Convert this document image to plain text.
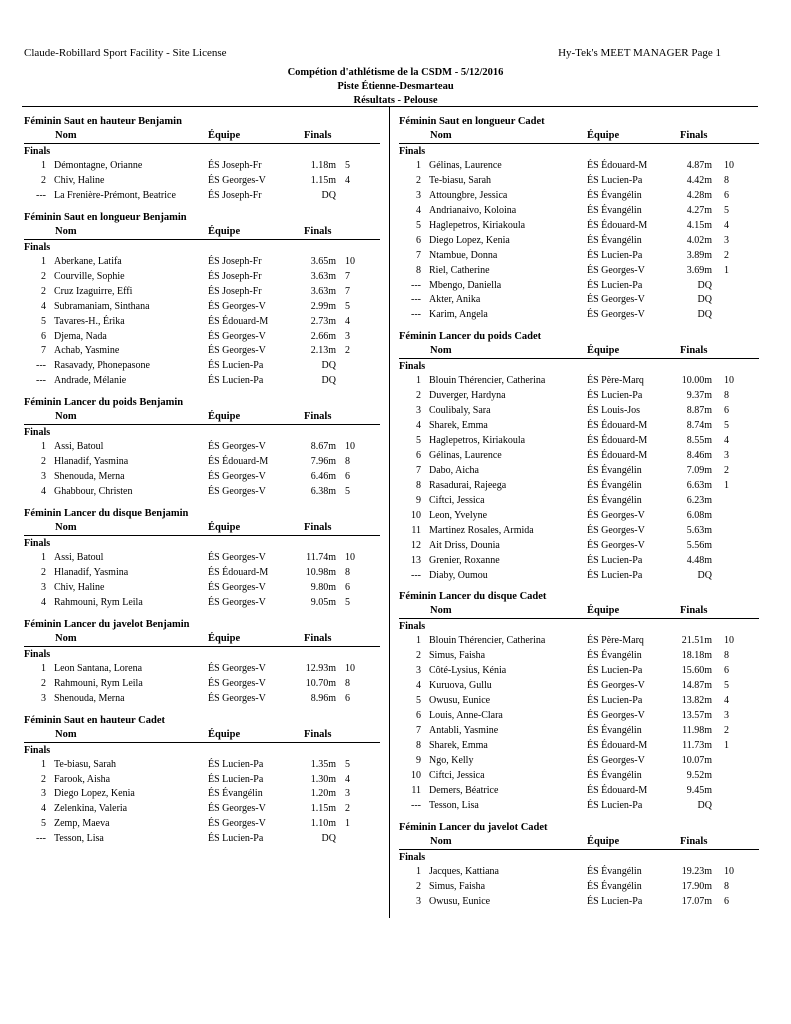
Claude-Robillard Sport Facility - Site License	Hy-Tek's MEET MANAGER Page 1
Compétion d'athlétisme de la CSDM - 5/12/2016
Piste Étienne-Desmarteau
Résultats - Pelouse
Féminin Saut en hauteur Benjamin
Nom	Équipe	Finals
Finals
1 Démontagne, Orianne	ÉS Joseph-Fr	1.18m 5
2 Chiv, Haline	ÉS Georges-V	1.15m 4
--- La Frenière-Prémont, Beatrice	ÉS Joseph-Fr	DQ
Féminin Saut en longueur Benjamin
Nom	Équipe	Finals
Finals
1 Aberkane, Latifa	ÉS Joseph-Fr	3.65m 10
2 Courville, Sophie	ÉS Joseph-Fr	3.63m 7
2 Cruz Izaguirre, Effi	ÉS Joseph-Fr	3.63m 7
4 Subramaniam, Sinthana	ÉS Georges-V	2.99m 5
5 Tavares-H., Érika	ÉS Édouard-M	2.73m 4
6 Djema, Nada	ÉS Georges-V	2.66m 3
7 Achab, Yasmine	ÉS Georges-V	2.13m 2
--- Rasavady, Phonepasone	ÉS Lucien-Pa	DQ
--- Andrade, Mélanie	ÉS Lucien-Pa	DQ
Féminin Lancer du poids Benjamin
Nom	Équipe	Finals
Finals
1 Assi, Batoul	ÉS Georges-V	8.67m 10
2 Hlanadif, Yasmina	ÉS Édouard-M	7.96m 8
3 Shenouda, Merna	ÉS Georges-V	6.46m 6
4 Ghabbour, Christen	ÉS Georges-V	6.38m 5
Féminin Lancer du disque Benjamin
Nom	Équipe	Finals
Finals
1 Assi, Batoul	ÉS Georges-V	11.74m 10
2 Hlanadif, Yasmina	ÉS Édouard-M	10.98m 8
3 Chiv, Haline	ÉS Georges-V	9.80m 6
4 Rahmouni, Rym Leila	ÉS Georges-V	9.05m 5
Féminin Lancer du javelot Benjamin
Nom	Équipe	Finals
Finals
1 Leon Santana, Lorena	ÉS Georges-V	12.93m 10
2 Rahmouni, Rym Leila	ÉS Georges-V	10.70m 8
3 Shenouda, Merna	ÉS Georges-V	8.96m 6
Féminin Saut en hauteur Cadet
Nom	Équipe	Finals
Finals
1 Te-biasu, Sarah	ÉS Lucien-Pa	1.35m 5
2 Farook, Aisha	ÉS Lucien-Pa	1.30m 4
3 Diego Lopez, Kenia	ÉS Évangélin	1.20m 3
4 Zelenkina, Valeria	ÉS Georges-V	1.15m 2
5 Zemp, Maeva	ÉS Georges-V	1.10m 1
--- Tesson, Lisa	ÉS Lucien-Pa	DQ
Féminin Saut en longueur Cadet
Nom	Équipe	Finals
Finals
1 Gélinas, Laurence	ÉS Édouard-M	4.87m 10
2 Te-biasu, Sarah	ÉS Lucien-Pa	4.42m 8
3 Attoungbre, Jessica	ÉS Évangélin	4.28m 6
4 Andrianaivo, Koloina	ÉS Évangélin	4.27m 5
5 Haglepetros, Kiriakoula	ÉS Édouard-M	4.15m 4
6 Diego Lopez, Kenia	ÉS Évangélin	4.02m 3
7 Ntambue, Donna	ÉS Lucien-Pa	3.89m 2
8 Riel, Catherine	ÉS Georges-V	3.69m 1
--- Mbengo, Daniella	ÉS Lucien-Pa	DQ
--- Akter, Anika	ÉS Georges-V	DQ
--- Karim, Angela	ÉS Georges-V	DQ
Féminin Lancer du poids Cadet
Nom	Équipe	Finals
Finals
1 Blouin Thérencier, Catherina	ÉS Père-Marq	10.00m 10
2 Duverger, Hardyna	ÉS Lucien-Pa	9.37m 8
3 Coulibaly, Sara	ÉS Louis-Jos	8.87m 6
4 Sharek, Emma	ÉS Édouard-M	8.74m 5
5 Haglepetros, Kiriakoula	ÉS Édouard-M	8.55m 4
6 Gélinas, Laurence	ÉS Édouard-M	8.46m 3
7 Dabo, Aicha	ÉS Évangélin	7.09m 2
8 Rasadurai, Rajeega	ÉS Évangélin	6.63m 1
9 Ciftci, Jessica	ÉS Évangélin	6.23m
10 Leon, Yvelyne	ÉS Georges-V	6.08m
11 Martinez Rosales, Armida	ÉS Georges-V	5.63m
12 Ait Driss, Dounia	ÉS Georges-V	5.56m
13 Grenier, Roxanne	ÉS Lucien-Pa	4.48m
--- Diaby, Oumou	ÉS Lucien-Pa	DQ
Féminin Lancer du disque Cadet
Nom	Équipe	Finals
Finals
1 Blouin Thérencier, Catherina	ÉS Père-Marq	21.51m 10
2 Simus, Faisha	ÉS Évangélin	18.18m 8
3 Côté-Lysius, Kénia	ÉS Lucien-Pa	15.60m 6
4 Kuruova, Gullu	ÉS Georges-V	14.87m 5
5 Owusu, Eunice	ÉS Lucien-Pa	13.82m 4
6 Louis, Anne-Clara	ÉS Georges-V	13.57m 3
7 Antabli, Yasmine	ÉS Évangélin	11.98m 2
8 Sharek, Emma	ÉS Édouard-M	11.73m 1
9 Ngo, Kelly	ÉS Georges-V	10.07m
10 Ciftci, Jessica	ÉS Évangélin	9.52m
11 Demers, Béatrice	ÉS Édouard-M	9.45m
--- Tesson, Lisa	ÉS Lucien-Pa	DQ
Féminin Lancer du javelot Cadet
Nom	Équipe	Finals
Finals
1 Jacques, Kattiana	ÉS Évangélin	19.23m 10
2 Simus, Faisha	ÉS Évangélin	17.90m 8
3 Owusu, Eunice	ÉS Lucien-Pa	17.07m 6
